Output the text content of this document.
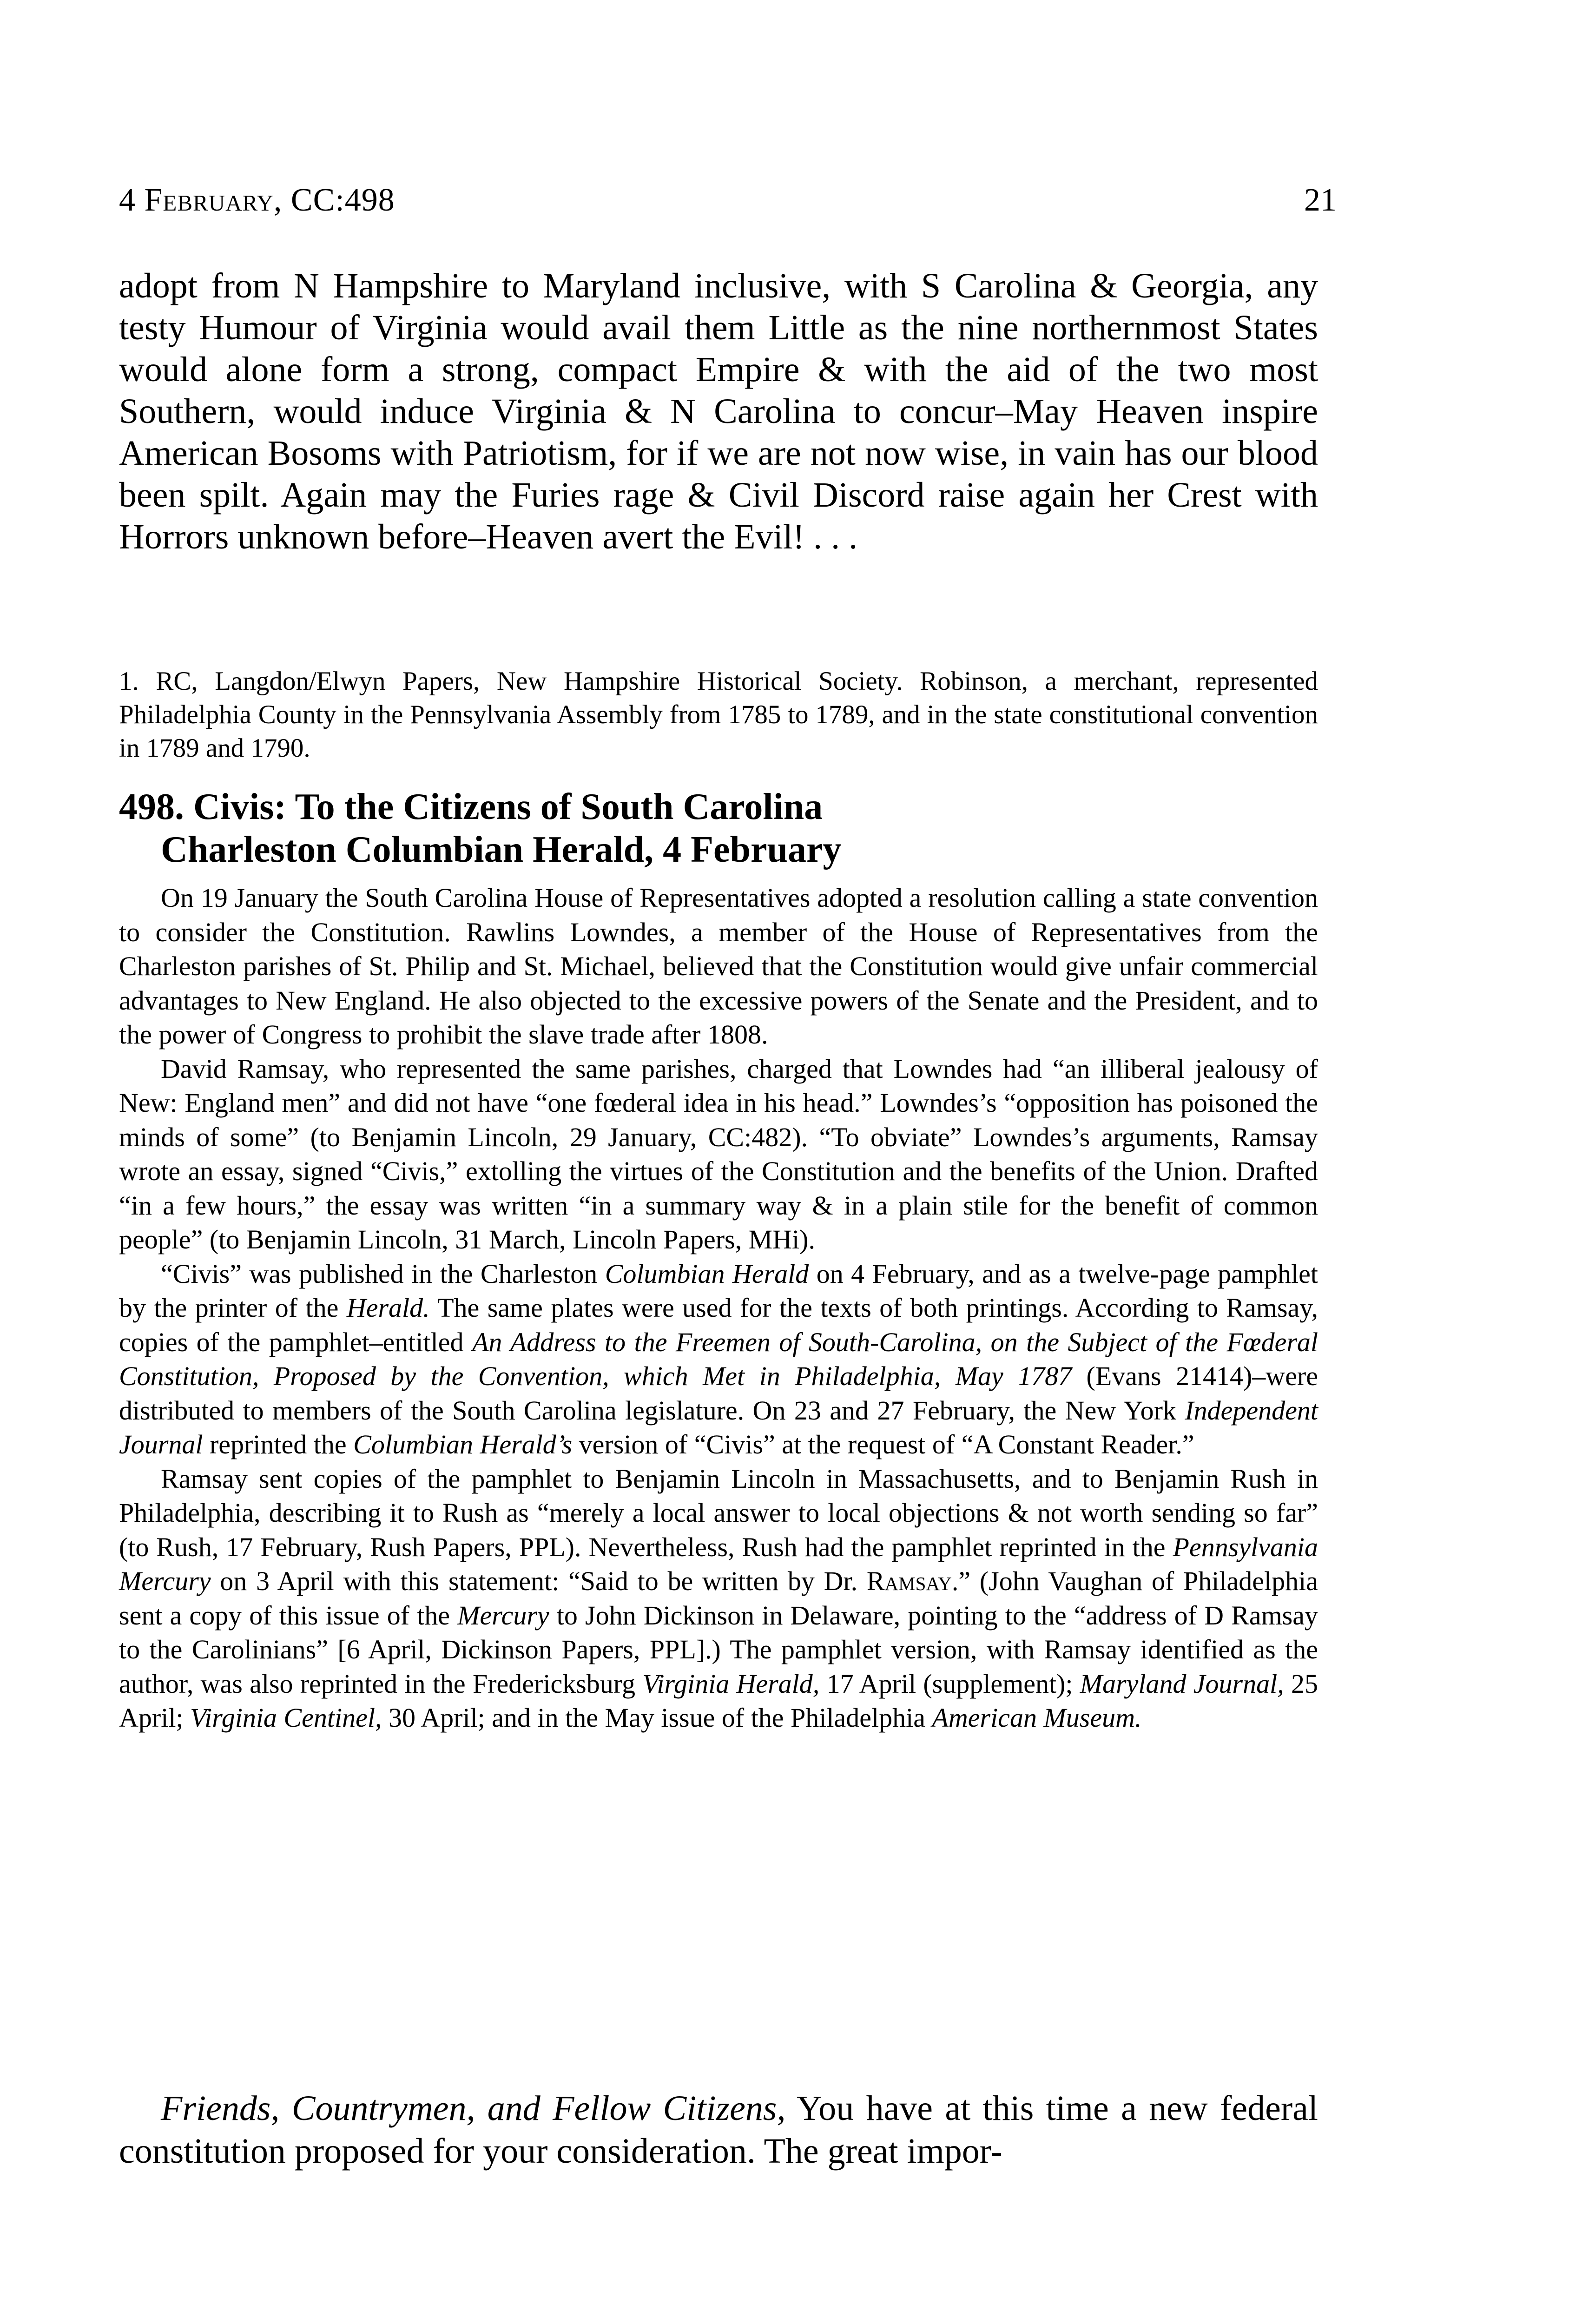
4 February, CC:498	21
adopt from N Hampshire to Maryland inclusive, with S Carolina & Georgia, any testy Humour of Virginia would avail them Little as the nine northernmost States would alone form a strong, compact Empire & with the aid of the two most Southern, would induce Virginia & N Carolina to concur–May Heaven inspire American Bosoms with Patriotism, for if we are not now wise, in vain has our blood been spilt. Again may the Furies rage & Civil Discord raise again her Crest with Horrors unknown before–Heaven avert the Evil! . . .
1. RC, Langdon/Elwyn Papers, New Hampshire Historical Society. Robinson, a merchant, represented Philadelphia County in the Pennsylvania Assembly from 1785 to 1789, and in the state constitutional convention in 1789 and 1790.
498. Civis: To the Citizens of South Carolina
Charleston Columbian Herald, 4 February

On 19 January the South Carolina House of Representatives adopted a resolution calling a state convention to consider the Constitution. Rawlins Lowndes, a member of the House of Representatives from the Charleston parishes of St. Philip and St. Michael, believed that the Constitution would give unfair commercial advantages to New England. He also objected to the excessive powers of the Senate and the President, and to the power of Congress to prohibit the slave trade after 1808.

David Ramsay, who represented the same parishes, charged that Lowndes had “an illiberal jealousy of New: England men” and did not have “one fœderal idea in his head.” Lowndes’s “opposition has poisoned the minds of some” (to Benjamin Lincoln, 29 January, CC:482). “To obviate” Lowndes’s arguments, Ramsay wrote an essay, signed “Civis,” extolling the virtues of the Constitution and the benefits of the Union. Drafted “in a few hours,” the essay was written “in a summary way & in a plain stile for the benefit of common people” (to Benjamin Lincoln, 31 March, Lincoln Papers, MHi).

“Civis” was published in the Charleston Columbian Herald on 4 February, and as a twelve-page pamphlet by the printer of the Herald. The same plates were used for the texts of both printings. According to Ramsay, copies of the pamphlet–entitled An Address to the Freemen of South-Carolina, on the Subject of the Fœderal Constitution, Proposed by the Convention, which Met in Philadelphia, May 1787 (Evans 21414)–were distributed to members of the South Carolina legislature. On 23 and 27 February, the New York Independent Journal reprinted the Columbian Herald’s version of “Civis” at the request of “A Constant Reader.”

Ramsay sent copies of the pamphlet to Benjamin Lincoln in Massachusetts, and to Benjamin Rush in Philadelphia, describing it to Rush as “merely a local answer to local objections & not worth sending so far” (to Rush, 17 February, Rush Papers, PPL). Nevertheless, Rush had the pamphlet reprinted in the Pennsylvania Mercury on 3 April with this statement: “Said to be written by Dr. Ramsay.” (John Vaughan of Philadelphia sent a copy of this issue of the Mercury to John Dickinson in Delaware, pointing to the “address of D Ramsay to the Carolinians” [6 April, Dickinson Papers, PPL].) The pamphlet version, with Ramsay identified as the author, was also reprinted in the Fredericksburg Virginia Herald, 17 April (supplement); Maryland Journal, 25 April; Virginia Centinel, 30 April; and in the May issue of the Philadelphia American Museum.

Friends, Countrymen, and Fellow Citizens, You have at this time a new federal constitution proposed for your consideration. The great impor-
